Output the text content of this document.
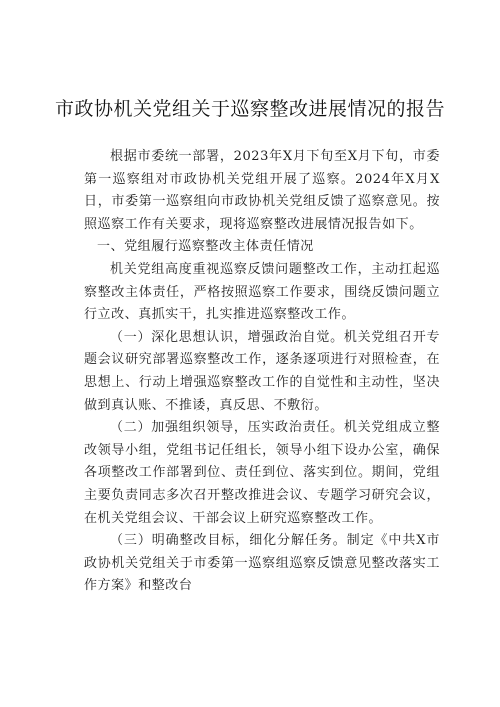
市政协机关党组关于巡察整改进展情况的报告

根据市委统一部署，2023年X月下旬至X月下旬，市委第一巡察组对市政协机关党组开展了巡察。2024年X月X日，市委第一巡察组向市政协机关党组反馈了巡察意见。按照巡察工作有关要求，现将巡察整改进展情况报告如下。

一、党组履行巡察整改主体责任情况

机关党组高度重视巡察反馈问题整改工作，主动扛起巡察整改主体责任，严格按照巡察工作要求，围绕反馈问题立行立改、真抓实干，扎实推进巡察整改工作。

（一）深化思想认识，增强政治自觉。机关党组召开专题会议研究部署巡察整改工作，逐条逐项进行对照检查，在思想上、行动上增强巡察整改工作的自觉性和主动性，坚决做到真认账、不推诿，真反思、不敷衍。

（二）加强组织领导，压实政治责任。机关党组成立整改领导小组，党组书记任组长，领导小组下设办公室，确保各项整改工作部署到位、责任到位、落实到位。期间，党组主要负责同志多次召开整改推进会议、专题学习研究会议，在机关党组会议、干部会议上研究巡察整改工作。

（三）明确整改目标，细化分解任务。制定《中共X市政协机关党组关于市委第一巡察组巡察反馈意见整改落实工作方案》和整改台
